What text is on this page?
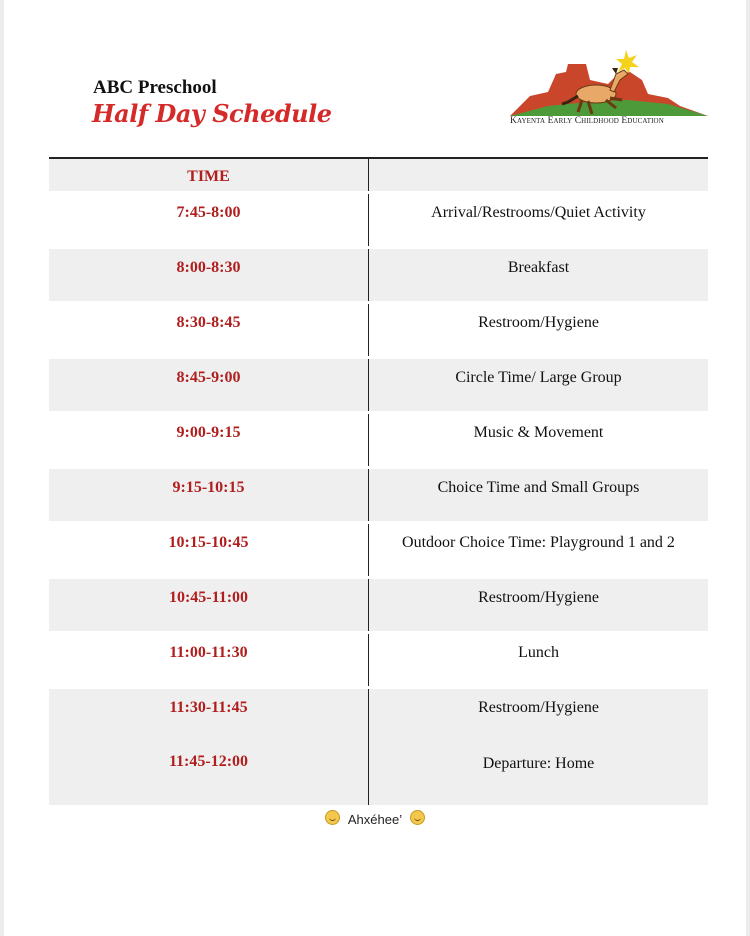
ABC Preschool
Half Day Schedule	Kayenta Early Childhood Education
TIME
7:45-8:00	Arrival/Restrooms/Quiet Activity
8:00-8:30	Breakfast
8:30-8:45	Restroom/Hygiene
8:45-9:00	Circle Time/ Large Group
9:00-9:15	Music & Movement
9:15-10:15	Choice Time and Small Groups
10:15-10:45	Outdoor Choice Time: Playground 1 and 2
10:45-11:00	Restroom/Hygiene
11:00-11:30	Lunch
11:30-11:45	Restroom/Hygiene
11:45-12:00	Departure: Home
Ahxéhee’
